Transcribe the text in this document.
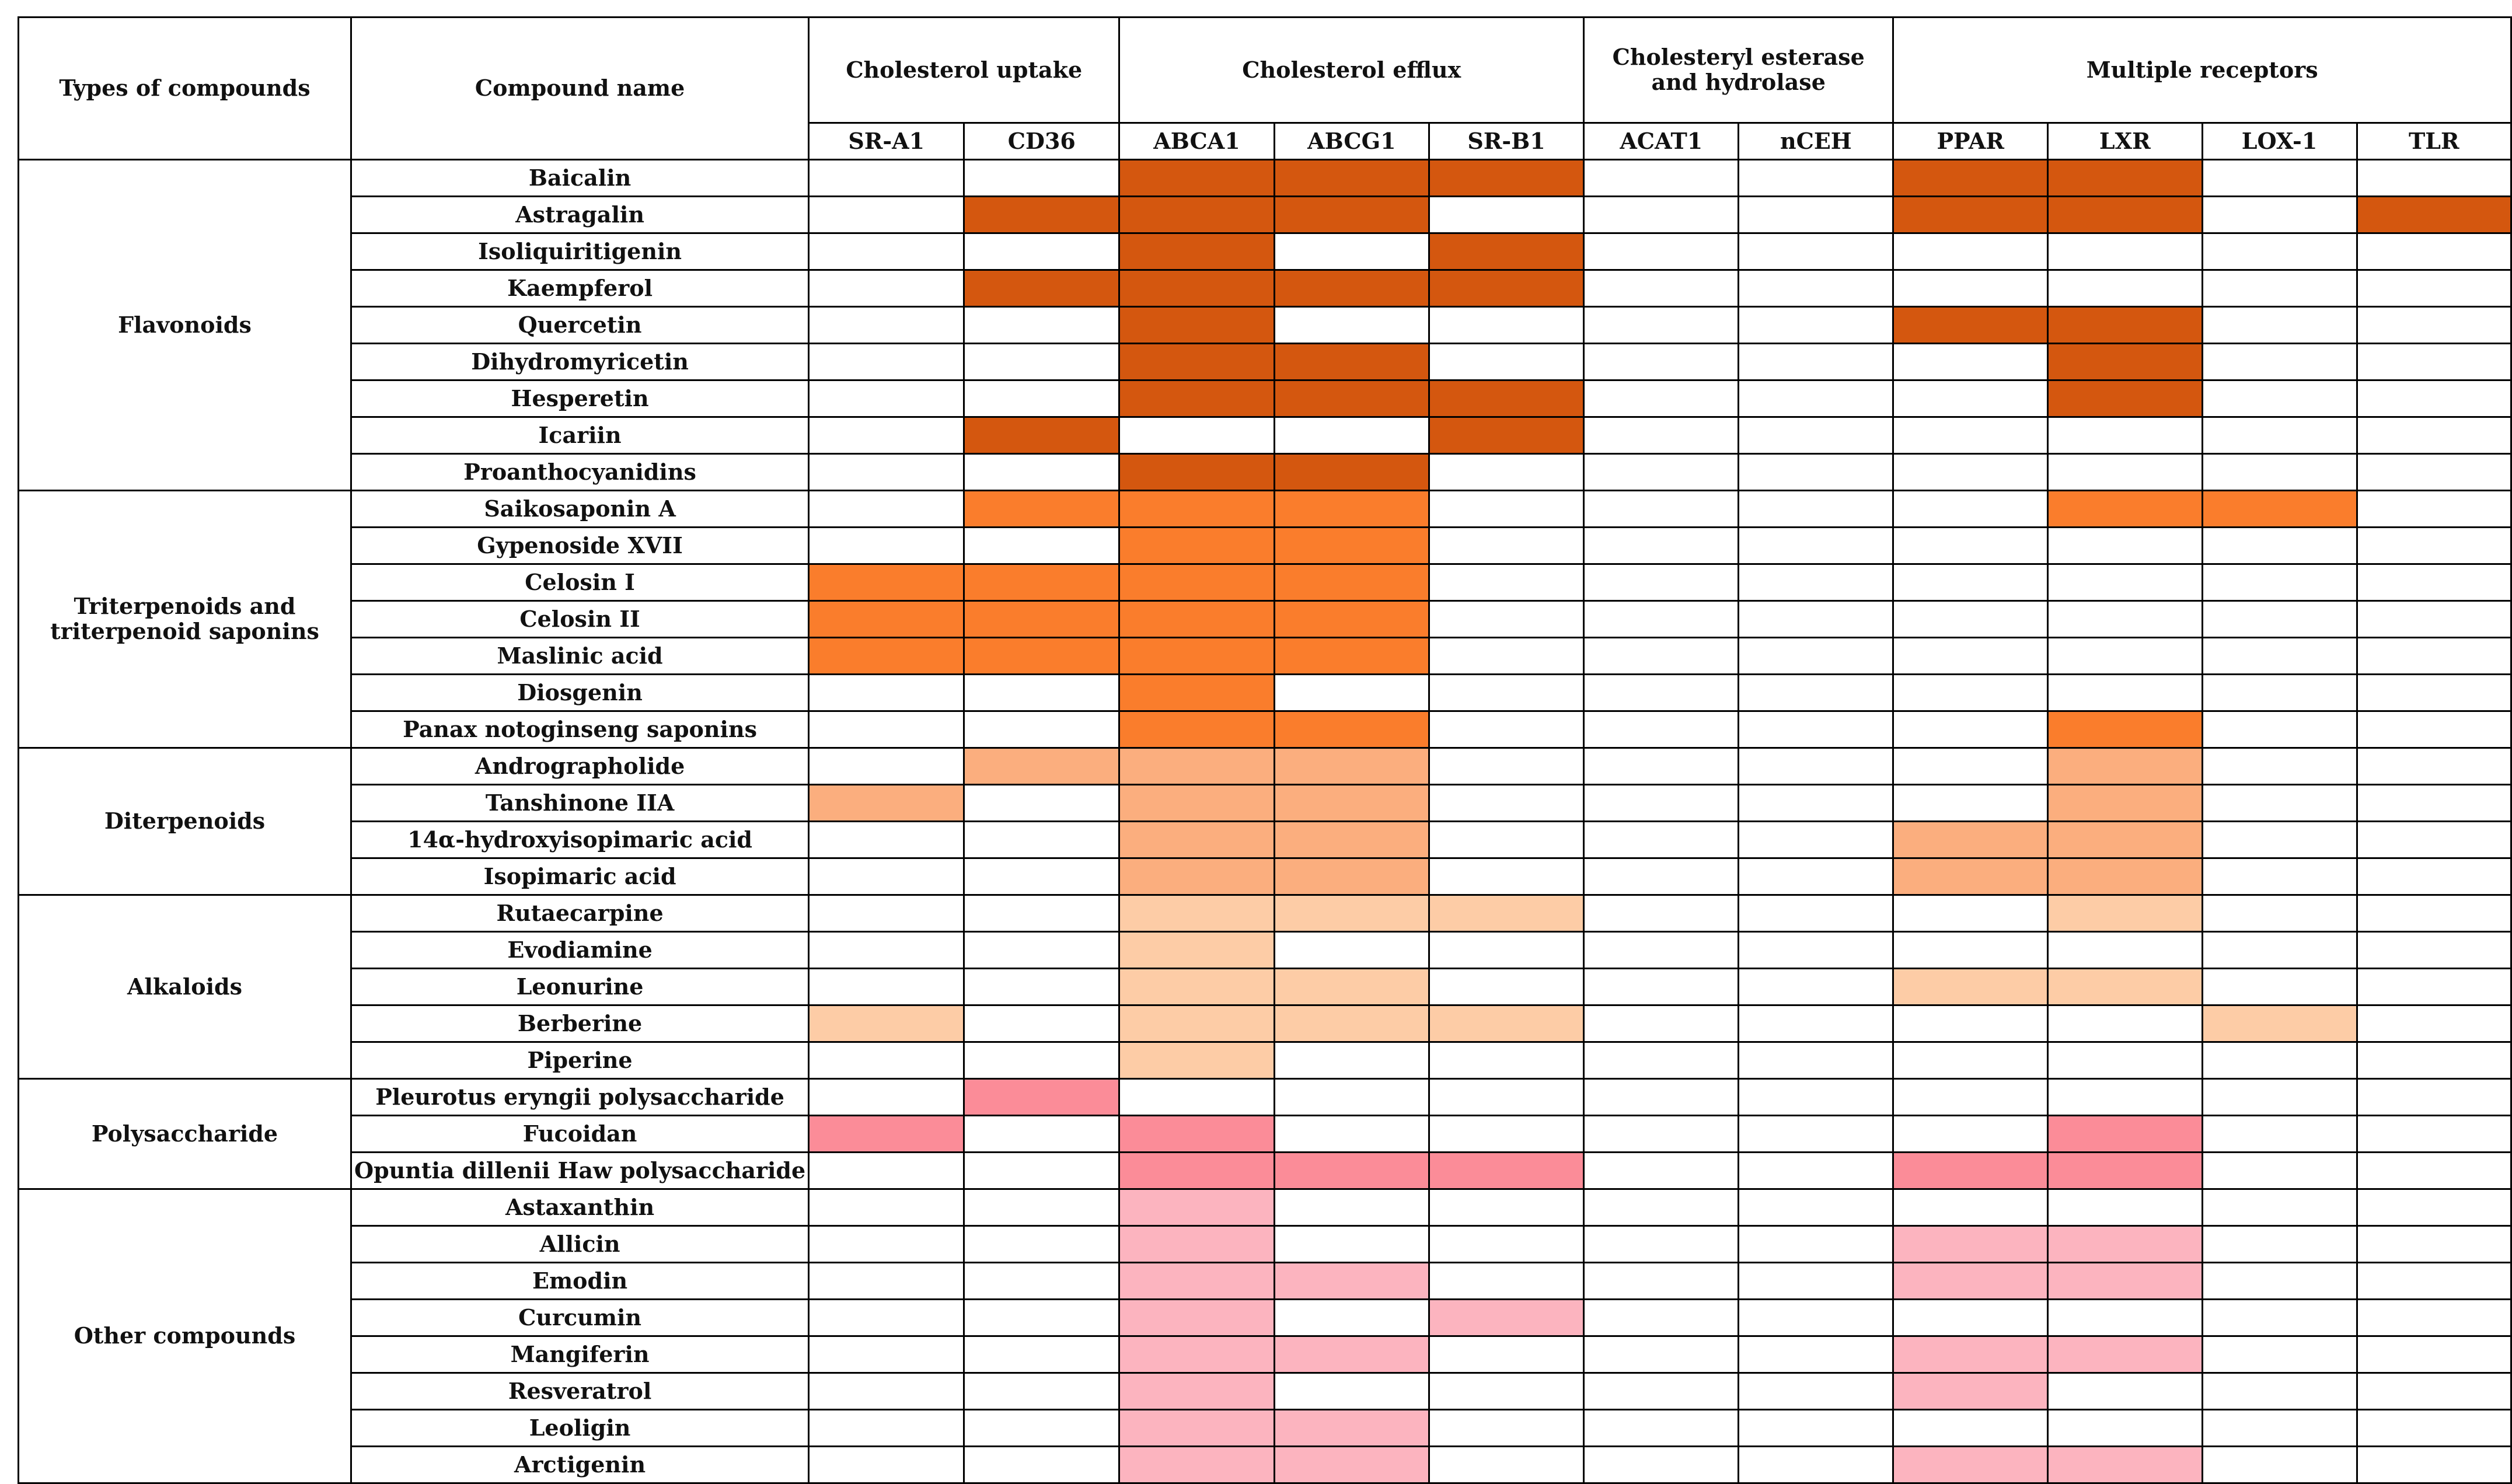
Types of compounds	Compound name	Cholesterol uptake		Cholesterol efflux			Cholesteryl esterase and hydrolase		Multiple receptors			
		SR-A1	CD36	ABCA1	ABCG1	SR-B1	ACAT1	nCEH	PPAR	LXR	LOX-1	TLR
Flavonoids	Baicalin											
	Astragalin											
	Isoliquiritigenin											
	Kaempferol											
	Quercetin											
	Dihydromyricetin											
	Hesperetin											
	Icariin											
	Proanthocyanidins											
Triterpenoids and triterpenoid saponins	Saikosaponin A											
	Gypenoside XVII											
	Celosin I											
	Celosin II											
	Maslinic acid											
	Diosgenin											
	Panax notoginseng saponins											
Diterpenoids	Andrographolide											
	Tanshinone IIA											
	14α-hydroxyisopimaric acid											
	Isopimaric acid											
Alkaloids	Rutaecarpine											
	Evodiamine											
	Leonurine											
	Berberine											
	Piperine											
Polysaccharide	Pleurotus eryngii polysaccharide											
	Fucoidan											
	Opuntia dillenii Haw polysaccharide											
Other compounds	Astaxanthin											
	Allicin											
	Emodin											
	Curcumin											
	Mangiferin											
	Resveratrol											
	Leoligin											
	Arctigenin											
